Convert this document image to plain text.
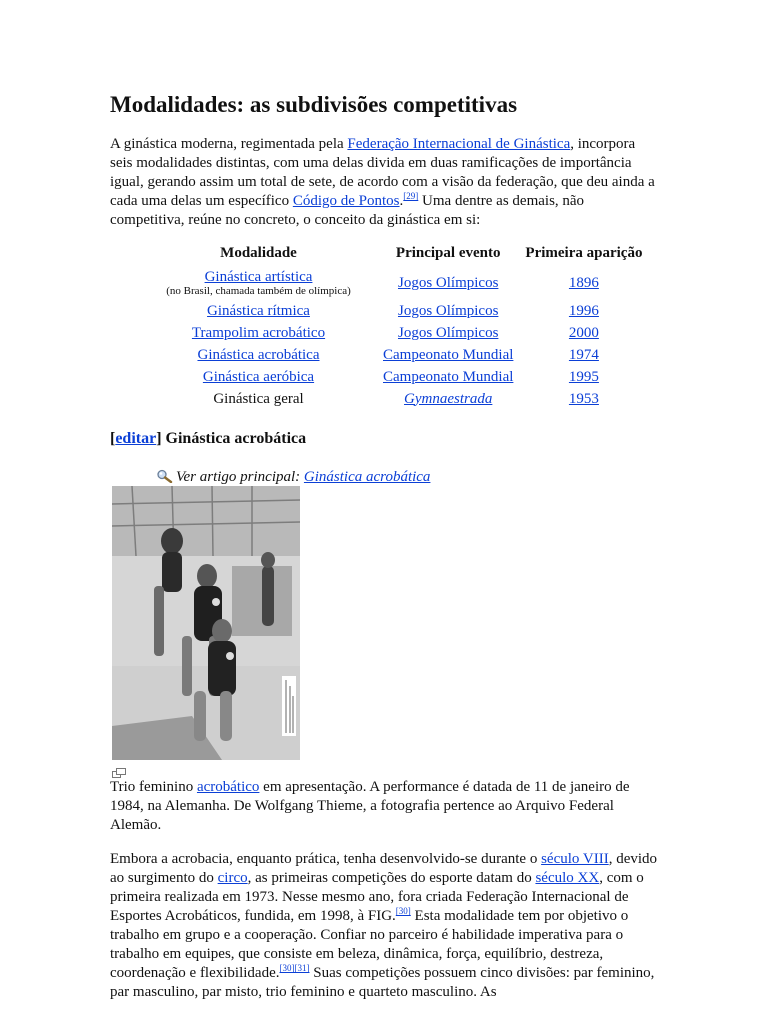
Modalidades: as subdivisões competitivas

A ginástica moderna, regimentada pela Federação Internacional de Ginástica, incorpora seis modalidades distintas, com uma delas divida em duas ramificações de importância igual, gerando assim um total de sete, de acordo com a visão da federação, que deu ainda a cada uma delas um específico Código de Pontos.[29] Uma dentre as demais, não competitiva, reúne no concreto, o conceito da ginástica em si:

Modalidade	Principal evento	Primeira aparição
Ginástica artística
(no Brasil, chamada também de olímpica)	Jogos Olímpicos	1896
Ginástica rítmica	Jogos Olímpicos	1996
Trampolim acrobático	Jogos Olímpicos	2000
Ginástica acrobática	Campeonato Mundial	1974
Ginástica aeróbica	Campeonato Mundial	1995
Ginástica geral	Gymnaestrada	1953
[editar] Ginástica acrobática
Ver artigo principal: Ginástica acrobática

Trio feminino acrobático em apresentação. A performance é datada de 11 de janeiro de 1984, na Alemanha. De Wolfgang Thieme, a fotografia pertence ao Arquivo Federal Alemão.

Embora a acrobacia, enquanto prática, tenha desenvolvido-se durante o século VIII, devido ao surgimento do circo, as primeiras competições do esporte datam do século XX, com o primeira realizada em 1973. Nesse mesmo ano, fora criada Federação Internacional de Esportes Acrobáticos, fundida, em 1998, à FIG.[30] Esta modalidade tem por objetivo o trabalho em grupo e a cooperação. Confiar no parceiro é habilidade imperativa para o trabalho em equipes, que consiste em beleza, dinâmica, força, equilíbrio, destreza, coordenação e flexibilidade.[30][31] Suas competições possuem cinco divisões: par feminino, par masculino, par misto, trio feminino e quarteto masculino. As
